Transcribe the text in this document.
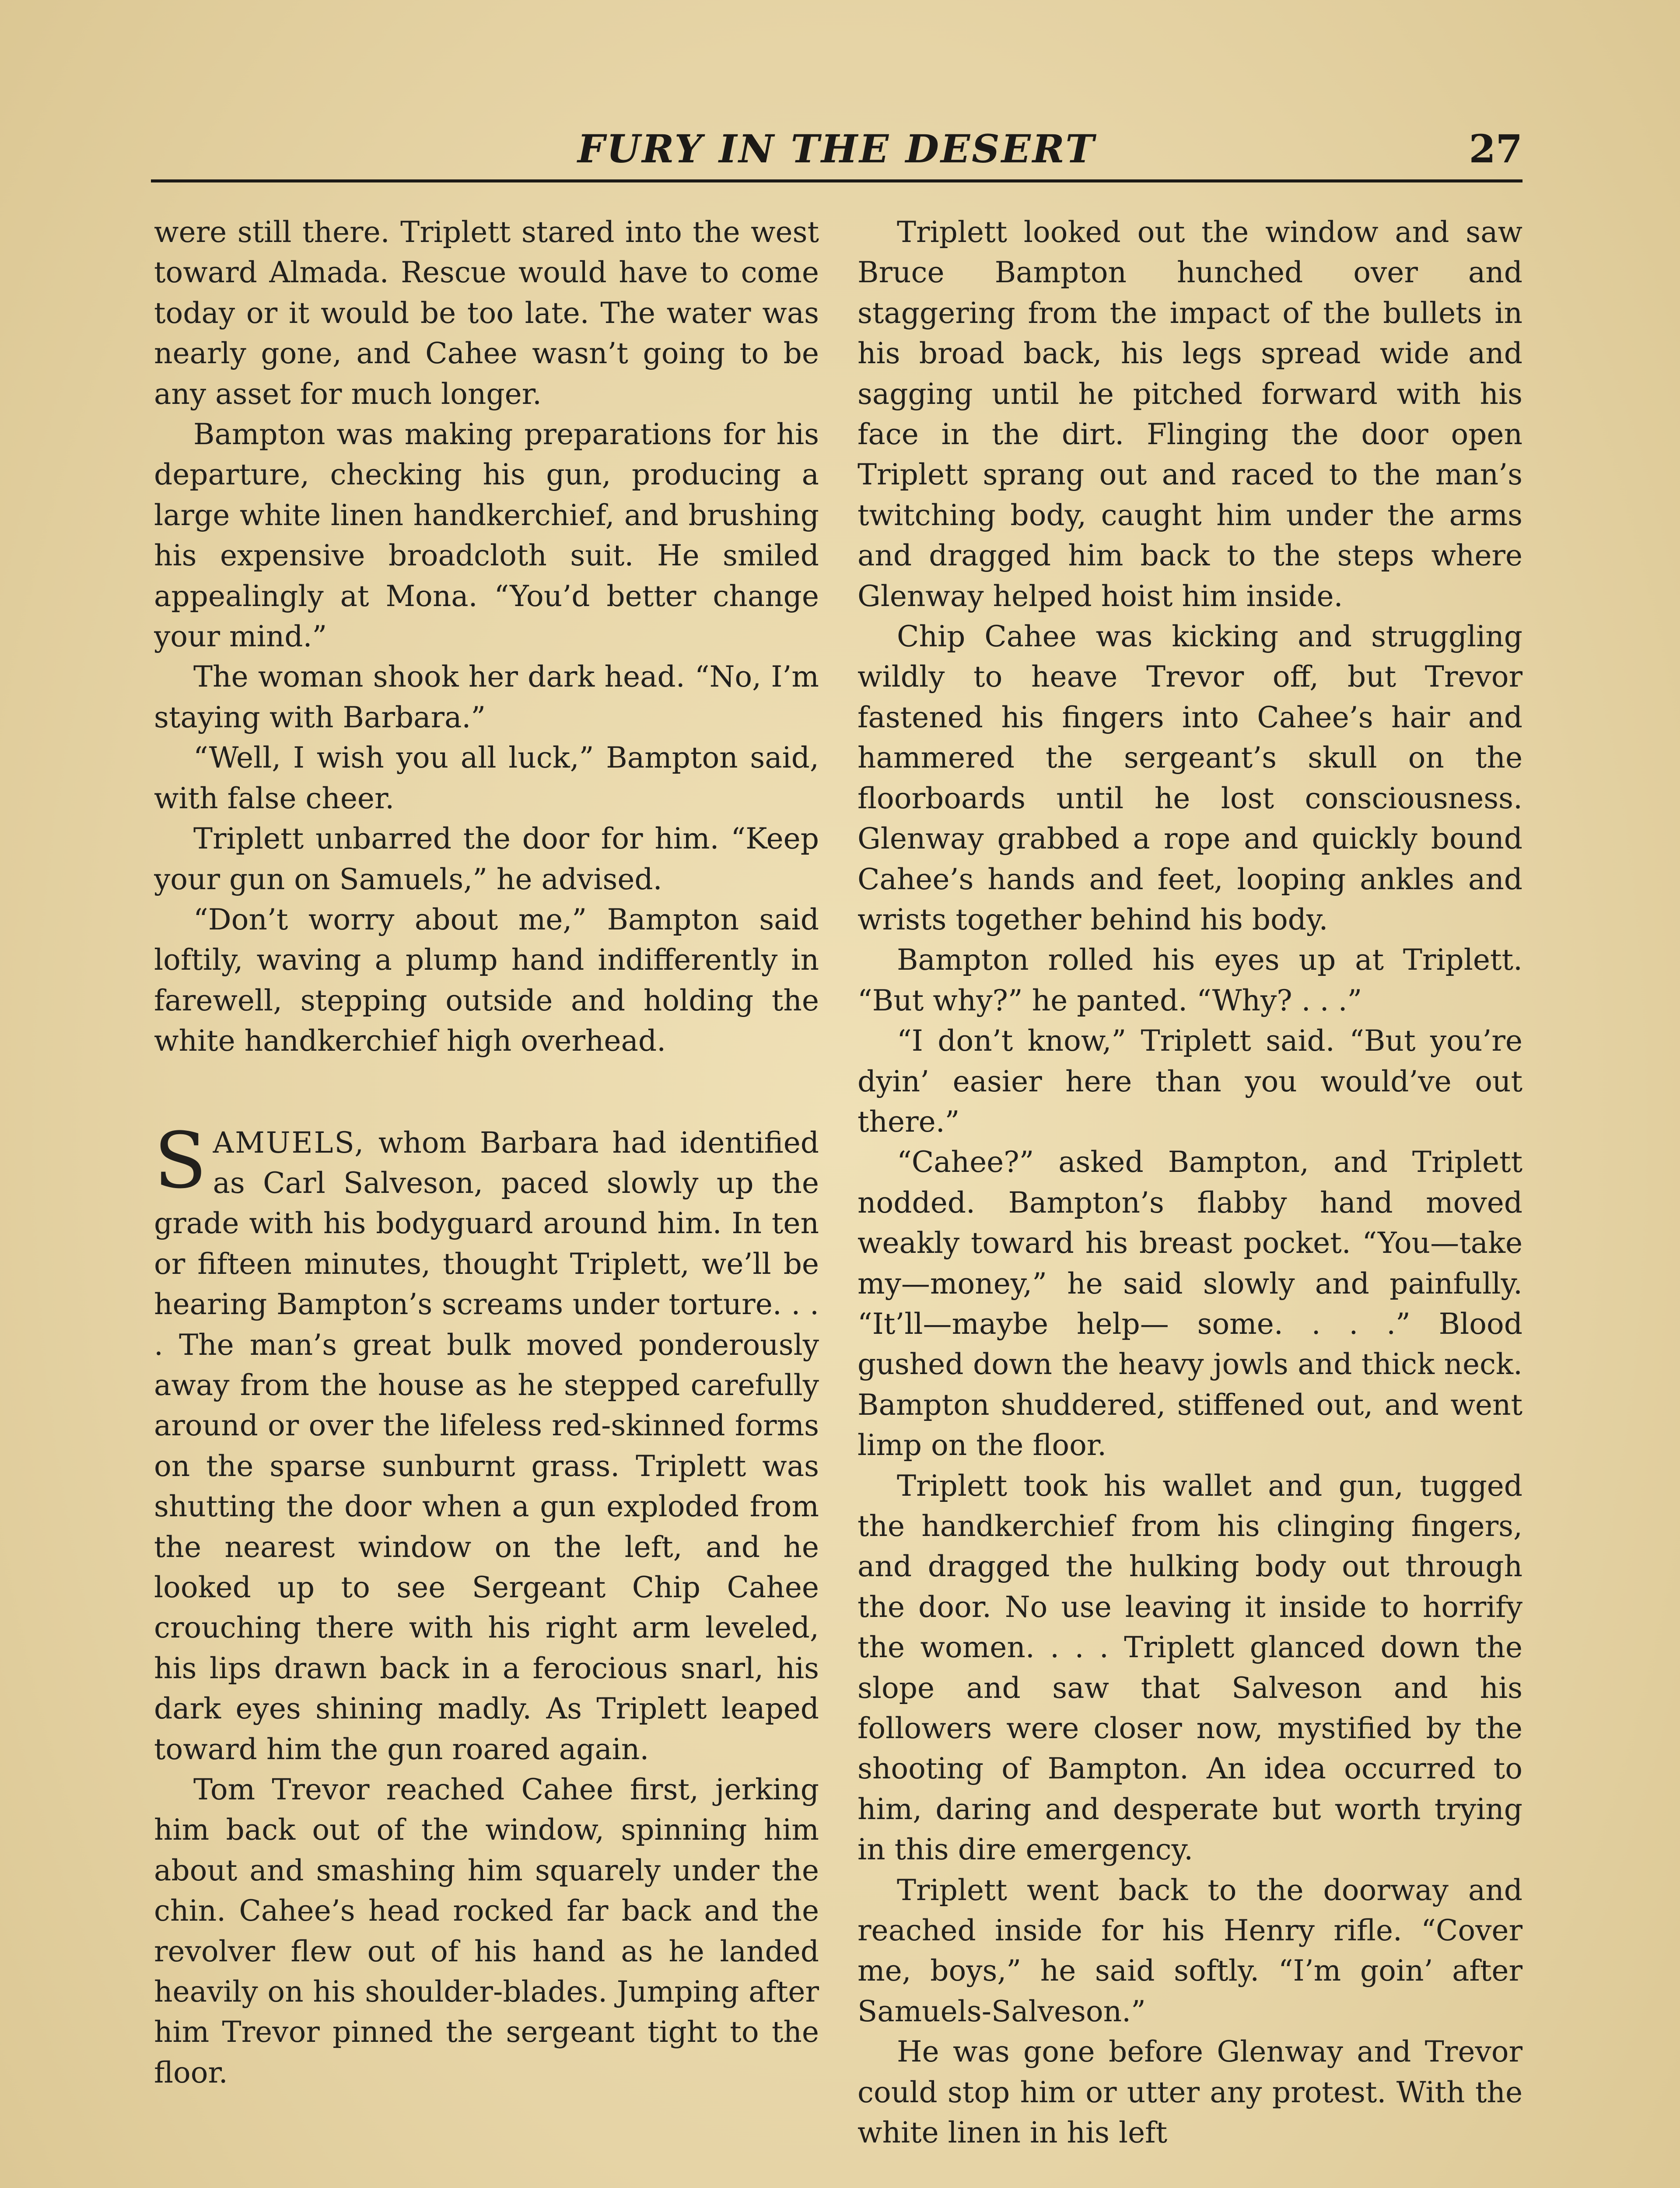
FURY IN THE DESERT	27

were still there. Triplett stared into the west toward Almada. Rescue would have to come today or it would be too late. The water was nearly gone, and Cahee wasn’t going to be any asset for much longer.

Bampton was making preparations for his departure, checking his gun, producing a large white linen handkerchief, and brushing his expensive broadcloth suit. He smiled appealingly at Mona. “You’d better change your mind.”

The woman shook her dark head. “No, I’m staying with Barbara.”

“Well, I wish you all luck,” Bampton said, with false cheer.

Triplett unbarred the door for him. “Keep your gun on Samuels,” he advised.

“Don’t worry about me,” Bampton said loftily, waving a plump hand indifferently in farewell, stepping outside and holding the white handkerchief high overhead.

SAMUELS, whom Barbara had identified as Carl Salveson, paced slowly up the grade with his bodyguard around him. In ten or fifteen minutes, thought Triplett, we’ll be hearing Bampton’s screams under torture. . . . The man’s great bulk moved ponderously away from the house as he stepped carefully around or over the lifeless red-skinned forms on the sparse sunburnt grass. Triplett was shutting the door when a gun exploded from the nearest window on the left, and he looked up to see Sergeant Chip Cahee crouching there with his right arm leveled, his lips drawn back in a ferocious snarl, his dark eyes shining madly. As Triplett leaped toward him the gun roared again.

Tom Trevor reached Cahee first, jerking him back out of the window, spinning him about and smashing him squarely under the chin. Cahee’s head rocked far back and the revolver flew out of his hand as he landed heavily on his shoulder-blades. Jumping after him Trevor pinned the sergeant tight to the floor.

Triplett looked out the window and saw Bruce Bampton hunched over and staggering from the impact of the bullets in his broad back, his legs spread wide and sagging until he pitched forward with his face in the dirt. Flinging the door open Triplett sprang out and raced to the man’s twitching body, caught him under the arms and dragged him back to the steps where Glenway helped hoist him inside.

Chip Cahee was kicking and struggling wildly to heave Trevor off, but Trevor fastened his fingers into Cahee’s hair and hammered the sergeant’s skull on the floorboards until he lost consciousness. Glenway grabbed a rope and quickly bound Cahee’s hands and feet, looping ankles and wrists together behind his body.

Bampton rolled his eyes up at Triplett. “But why?” he panted. “Why? . . .”

“I don’t know,” Triplett said. “But you’re dyin’ easier here than you would’ve out there.”

“Cahee?” asked Bampton, and Triplett nodded. Bampton’s flabby hand moved weakly toward his breast pocket. “You—take my—money,” he said slowly and painfully. “It’ll—maybe help— some. . . .” Blood gushed down the heavy jowls and thick neck. Bampton shuddered, stiffened out, and went limp on the floor.

Triplett took his wallet and gun, tugged the handkerchief from his clinging fingers, and dragged the hulking body out through the door. No use leaving it inside to horrify the women. . . . Triplett glanced down the slope and saw that Salveson and his followers were closer now, mystified by the shooting of Bampton. An idea occurred to him, daring and desperate but worth trying in this dire emergency.

Triplett went back to the doorway and reached inside for his Henry rifle. “Cover me, boys,” he said softly. “I’m goin’ after Samuels-Salveson.”

He was gone before Glenway and Trevor could stop him or utter any protest. With the white linen in his left
